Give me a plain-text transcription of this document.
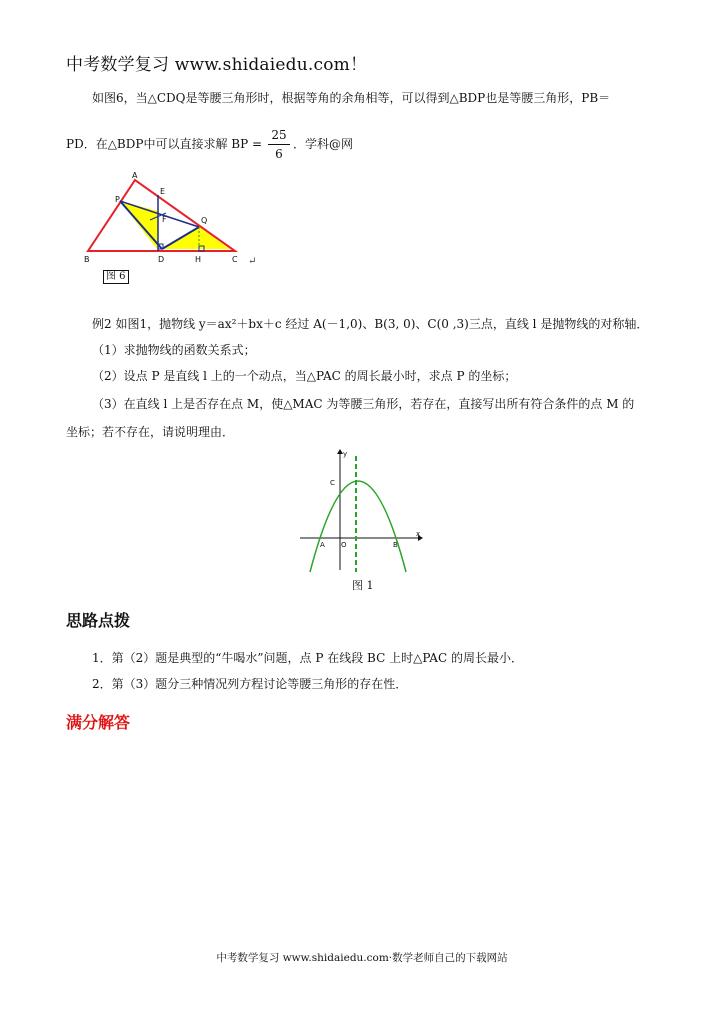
中考数学复习 www.shidaiedu.com！
如图6，当△CDQ是等腰三角形时，根据等角的余角相等，可以得到△BDP也是等腰三角形，PB＝
PD．在△BDP中可以直接求解 BP =
25
6
．学科@网
A
E
P
F	Q
B	D	H	C
图 6
↵
例2 如图1，抛物线 y＝ax²＋bx＋c 经过 A(－1,0)、B(3, 0)、C(0 ,3)三点，直线 l 是抛物线的对称轴．
（1）求抛物线的函数关系式；
（2）设点 P 是直线 l 上的一个动点，当△PAC 的周长最小时，求点 P 的坐标；
（3）在直线 l 上是否存在点 M，使△MAC 为等腰三角形，若存在，直接写出所有符合条件的点 M 的
坐标；若不存在，请说明理由．
y
x
C
A O	B
图 1
思路点拨
1．第（2）题是典型的“牛喝水”问题，点 P 在线段 BC 上时△PAC 的周长最小．
2．第（3）题分三种情况列方程讨论等腰三角形的存在性．
满分解答
中考数学复习 www.shidaiedu.com·数学老师自己的下载网站
